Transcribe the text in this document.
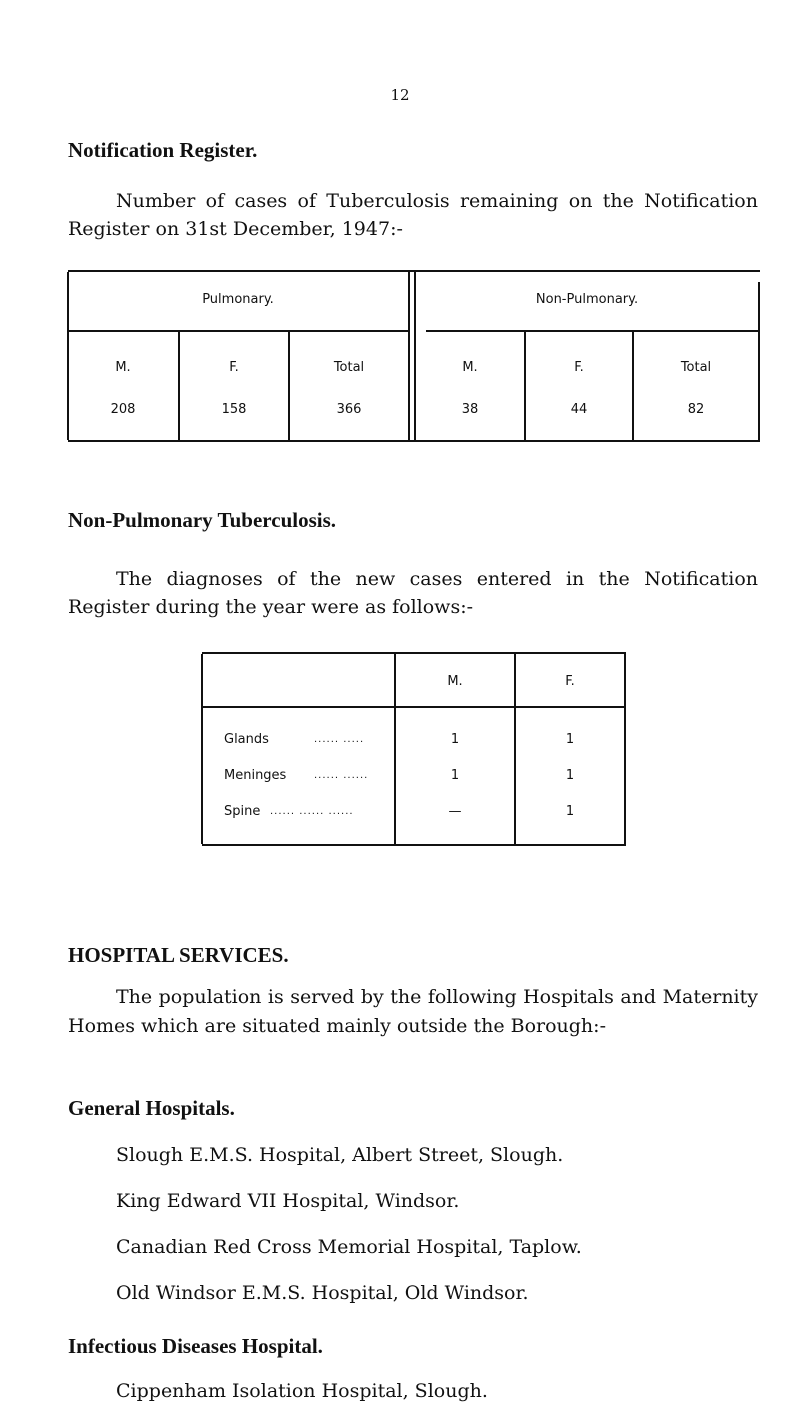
12
Notification Register.
Number of cases of Tuberculosis remaining on the Notification Register on 31st December, 1947:-
Pulmonary.	Non-Pulmonary.
M.	F.	Total	M.	F.	Total
208	158	366	38	44	82
Non-Pulmonary Tuberculosis.
The diagnoses of the new cases entered in the Notification Register during the year were as follows:-
M.	F.
Glands	...... .....	1	1
Meninges	...... ......	1	1
Spine ...... ...... ......	—	1
HOSPITAL SERVICES.
The population is served by the following Hospitals and Maternity Homes which are situated mainly outside the Borough:-
General Hospitals.
Slough E.M.S. Hospital, Albert Street, Slough.
King Edward VII Hospital, Windsor.
Canadian Red Cross Memorial Hospital, Taplow.
Old Windsor E.M.S. Hospital, Old Windsor.
Infectious Diseases Hospital.
Cippenham Isolation Hospital, Slough.
